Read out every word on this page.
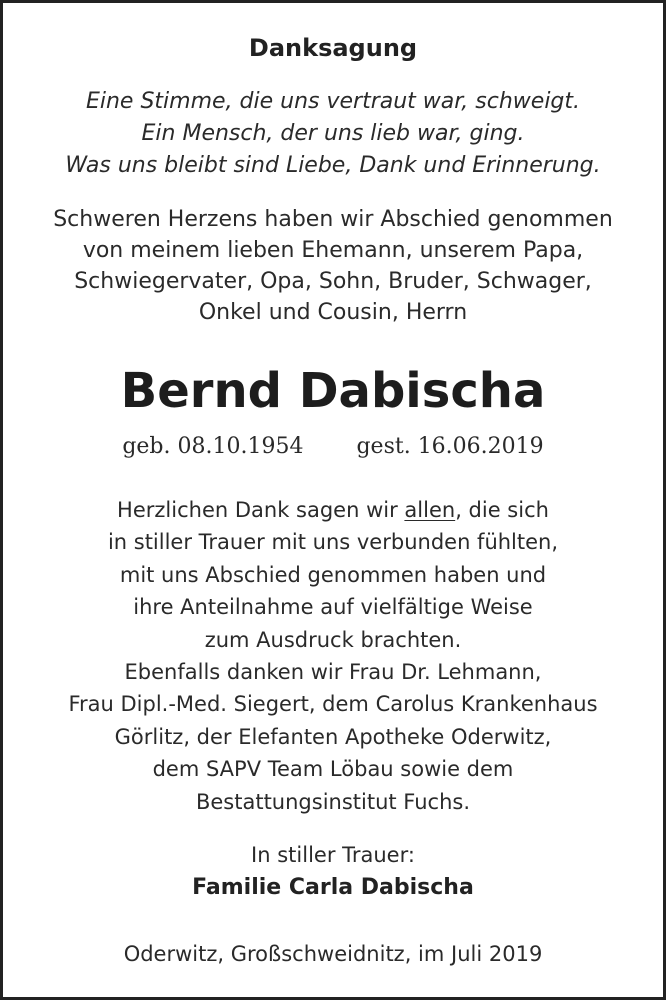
Danksagung
Eine Stimme, die uns vertraut war, schweigt.
Ein Mensch, der uns lieb war, ging.
Was uns bleibt sind Liebe, Dank und Erinnerung.
Schweren Herzens haben wir Abschied genommen
von meinem lieben Ehemann, unserem Papa,
Schwiegervater, Opa, Sohn, Bruder, Schwager,
Onkel und Cousin, Herrn
Bernd Dabischa
geb. 08.10.1954 gest. 16.06.2019
Herzlichen Dank sagen wir allen, die sich
in stiller Trauer mit uns verbunden fühlten,
mit uns Abschied genommen haben und
ihre Anteilnahme auf vielfältige Weise
zum Ausdruck brachten.
Ebenfalls danken wir Frau Dr. Lehmann,
Frau Dipl.-Med. Siegert, dem Carolus Krankenhaus
Görlitz, der Elefanten Apotheke Oderwitz,
dem SAPV Team Löbau sowie dem
Bestattungsinstitut Fuchs.
In stiller Trauer:
Familie Carla Dabischa
Oderwitz, Großschweidnitz, im Juli 2019
